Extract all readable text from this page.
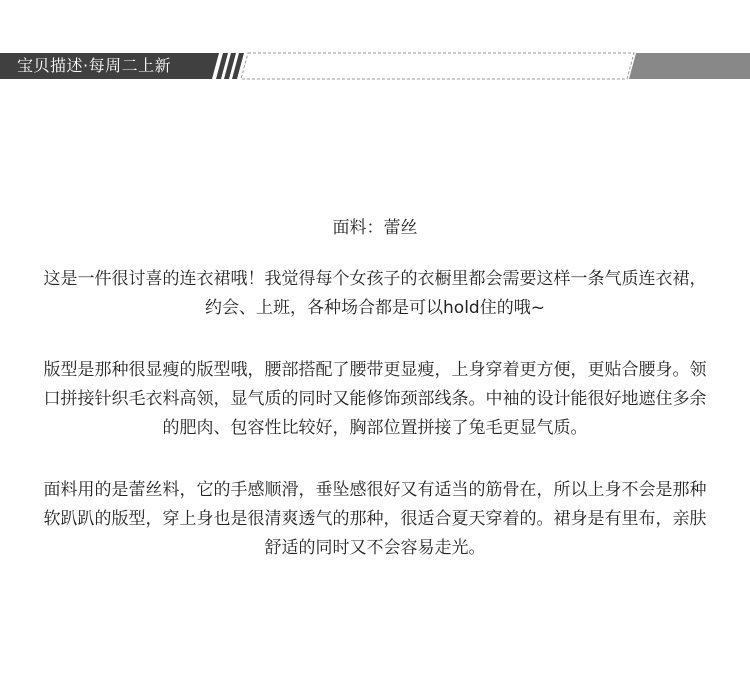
宝贝描述·每周二上新

面料：蕾丝

这是一件很讨喜的连衣裙哦！我觉得每个女孩子的衣橱里都会需要这样一条气质连衣裙，约会、上班，各种场合都是可以hold住的哦~

版型是那种很显瘦的版型哦，腰部搭配了腰带更显瘦，上身穿着更方便，更贴合腰身。领口拼接针织毛衣料高领，显气质的同时又能修饰颈部线条。中袖的设计能很好地遮住多余的肥肉、包容性比较好，胸部位置拼接了兔毛更显气质。

面料用的是蕾丝料，它的手感顺滑，垂坠感很好又有适当的筋骨在，所以上身不会是那种软趴趴的版型，穿上身也是很清爽透气的那种，很适合夏天穿着的。裙身是有里布，亲肤舒适的同时又不会容易走光。
